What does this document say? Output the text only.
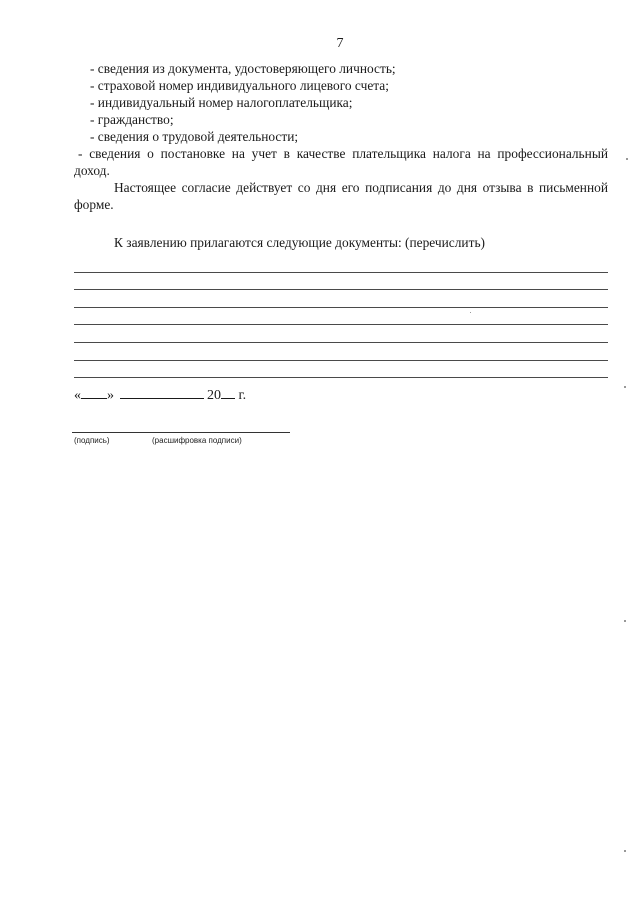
7

- сведения из документа, удостоверяющего личность;

- страховой номер индивидуального лицевого счета;

- индивидуальный номер налогоплательщика;

- гражданство;

- сведения о трудовой деятельности;

- сведения о постановке на учет в качестве плательщика налога на профессиональный доход.

Настоящее согласие действует со дня его подписания до дня отзыва в письменной форме.

К заявлению прилагаются следующие документы: (перечислить)

« »	20 г.
(подпись)	(расшифровка подписи)
